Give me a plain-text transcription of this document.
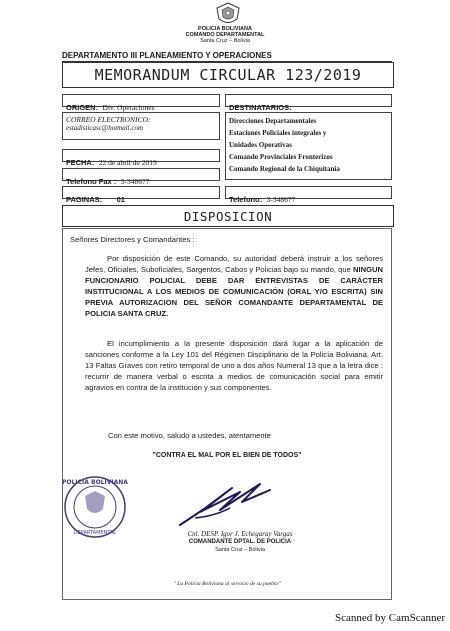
POLICIA BOLIVIANA
COMANDO DEPARTAMENTAL
Santa Cruz – Bolivia
DEPARTAMENTO III PLANEAMIENTO Y OPERACIONES
MEMORANDUM CIRCULAR 123/2019
ORIGEN: Div. Operaciones
CORREO ELECTRONICO:
estadisticasc@hotmail.com
FECHA: 22 de abril de 2019
Telefono Fax : 3-348677
PAGINAS: 01
DESTINATARIOS:
Direcciones Departamentales
Estaciones Policiales integrales y
Unidades Operativas
Comando Provinciales Fronterizos
Comando Regional de la Chiquitania
Telefono: 3-348677
DISPOSICION
Señores Directores y Comandantes :
Por disposición de este Comando, su autoridad deberá instruir a los señores Jefes, Oficiales, Suboficiales, Sargentos, Cabos y Policias bajo su mando, que NINGUN FUNCIONARIO POLICIAL DEBE DAR ENTREVISTAS DE CARÁCTER INSTITUCIONAL A LOS MEDIOS DE COMUNICACIÓN (ORAL Y/O ESCRITA) SIN PREVIA AUTORIZACION DEL SEÑOR COMANDANTE DEPARTAMENTAL DE POLICIA SANTA CRUZ.
El incumplimiento a la presente disposición dará lugar a la aplicación de sanciones conforme a la Ley 101 del Régimen Disciplinario de la Policía Boliviana, Art. 13 Faltas Graves con retiro temporal de uno a dos años Numeral 13 que a la letra dice : recurrir de manera verbal o escrita a medios de comunicación social para emitir agravios en contra de la institución y sus componentes.
Con este motivo, saludo a ustedes, atentamente
"CONTRA EL MAL POR EL BIEN DE TODOS"
POLICIA BOLIVIANA
DEPARTAMENTAL	Cnl. DESP. Igor J. Echegaray Vargas
COMANDANTE DPTAL. DE POLICIA
Santa Cruz – Bolivia
" La Policía Boliviana al servicio de su pueblo"
Scanned by CamScanner
